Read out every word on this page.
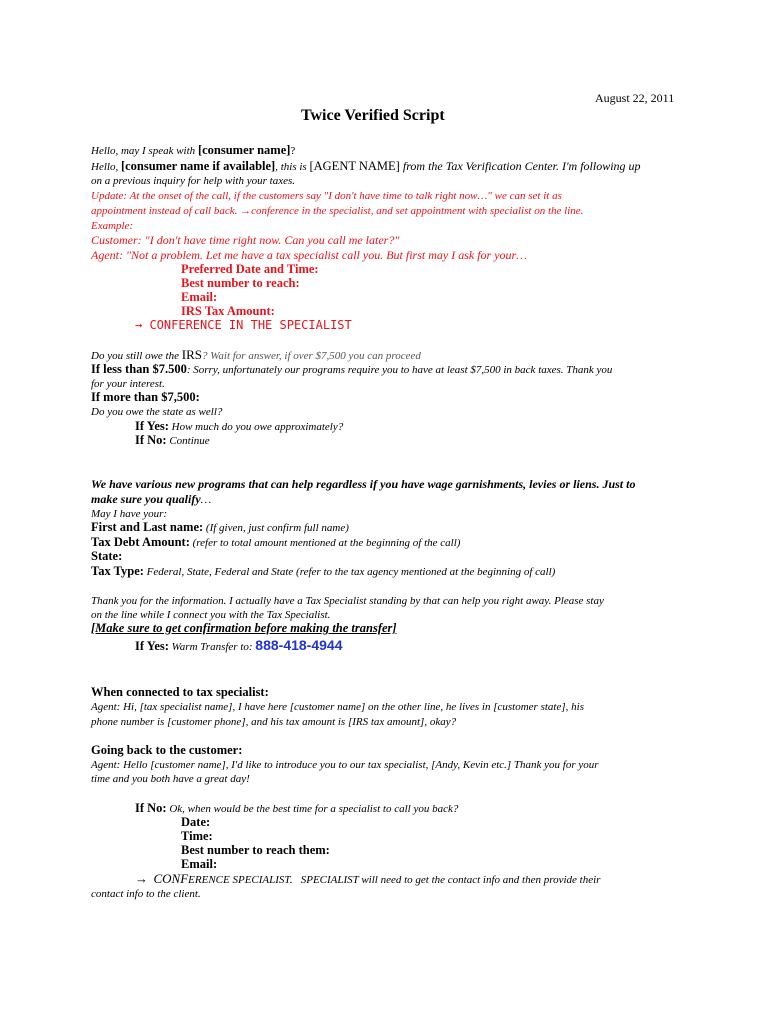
August 22, 2011
Twice Verified Script
Hello, may I speak with [consumer name]?
Hello, [consumer name if available], this is [AGENT NAME] from the Tax Verification Center. I'm following up
on a previous inquiry for help with your taxes.
Update: At the onset of the call, if the customers say "I don't have time to talk right now…" we can set it as
appointment instead of call back. →conference in the specialist, and set appointment with specialist on the line.
Example:
Customer: "I don't have time right now. Can you call me later?"
Agent: "Not a problem. Let me have a tax specialist call you. But first may I ask for your…
Preferred Date and Time:
Best number to reach:
Email:
IRS Tax Amount:
→ CONFERENCE IN THE SPECIALIST
Do you still owe the IRS? Wait for answer, if over $7,500 you can proceed
If less than $7.500: Sorry, unfortunately our programs require you to have at least $7,500 in back taxes. Thank you
for your interest.
If more than $7,500:
Do you owe the state as well?
If Yes: How much do you owe approximately?
If No: Continue
We have various new programs that can help regardless if you have wage garnishments, levies or liens. Just to
make sure you qualify…
May I have your:
First and Last name: (If given, just confirm full name)
Tax Debt Amount: (refer to total amount mentioned at the beginning of the call)
State:
Tax Type: Federal, State, Federal and State (refer to the tax agency mentioned at the beginning of call)
Thank you for the information. I actually have a Tax Specialist standing by that can help you right away. Please stay
on the line while I connect you with the Tax Specialist.
[Make sure to get confirmation before making the transfer]
If Yes: Warm Transfer to: 888-418-4944
When connected to tax specialist:
Agent: Hi, [tax specialist name], I have here [customer name] on the other line, he lives in [customer state], his
phone number is [customer phone], and his tax amount is [IRS tax amount], okay?
Going back to the customer:
Agent: Hello [customer name], I'd like to introduce you to our tax specialist, [Andy, Kevin etc.] Thank you for your
time and you both have a great day!
If No: Ok, when would be the best time for a specialist to call you back?
Date:
Time:
Best number to reach them:
Email:
→ CONFERENCE SPECIALIST. SPECIALIST will need to get the contact info and then provide their
contact info to the client.
